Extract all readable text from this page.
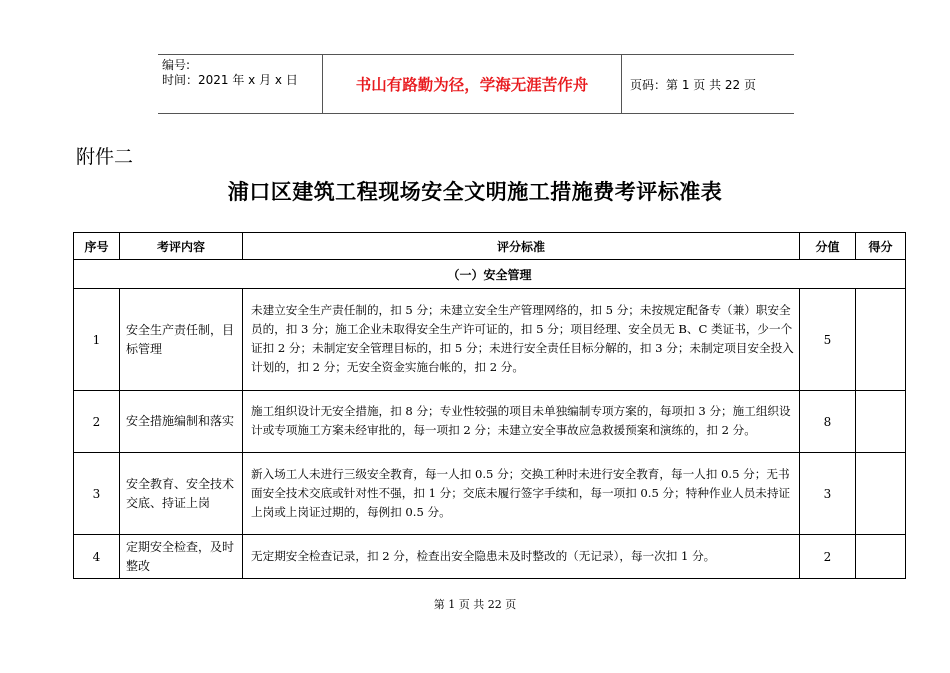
编号:
时间：2021 年 x 月 x 日	书山有路勤为径，学海无涯苦作舟	页码：第 1 页 共 22 页
附件二
浦口区建筑工程现场安全文明施工措施费考评标准表
序号	考评内容	评分标准	分值	得分
（一）安全管理				
1	安全生产责任制，目标管理	未建立安全生产责任制的，扣 5 分；未建立安全生产管理网络的，扣 5 分；未按规定配备专（兼）职安全员的，扣 3 分；施工企业未取得安全生产许可证的，扣 5 分；项目经理、安全员无 B、C 类证书，少一个证扣 2 分；未制定安全管理目标的，扣 5 分；未进行安全责任目标分解的，扣 3 分；未制定项目安全投入计划的，扣 2 分；无安全资金实施台帐的，扣 2 分。	5	
2	安全措施编制和落实	施工组织设计无安全措施，扣 8 分；专业性较强的项目未单独编制专项方案的，每项扣 3 分；施工组织设计或专项施工方案未经审批的，每一项扣 2 分；未建立安全事故应急救援预案和演练的，扣 2 分。	8	
3	安全教育、安全技术交底、持证上岗	新入场工人未进行三级安全教育，每一人扣 0.5 分；交换工种时未进行安全教育，每一人扣 0.5 分；无书面安全技术交底或针对性不强，扣 1 分；交底未履行签字手续和，每一项扣 0.5 分；特种作业人员未持证上岗或上岗证过期的，每例扣 0.5 分。	3	
4	定期安全检查，及时整改	无定期安全检查记录，扣 2 分，检查出安全隐患未及时整改的（无记录），每一次扣 1 分。	2	
第 1 页 共 22 页
